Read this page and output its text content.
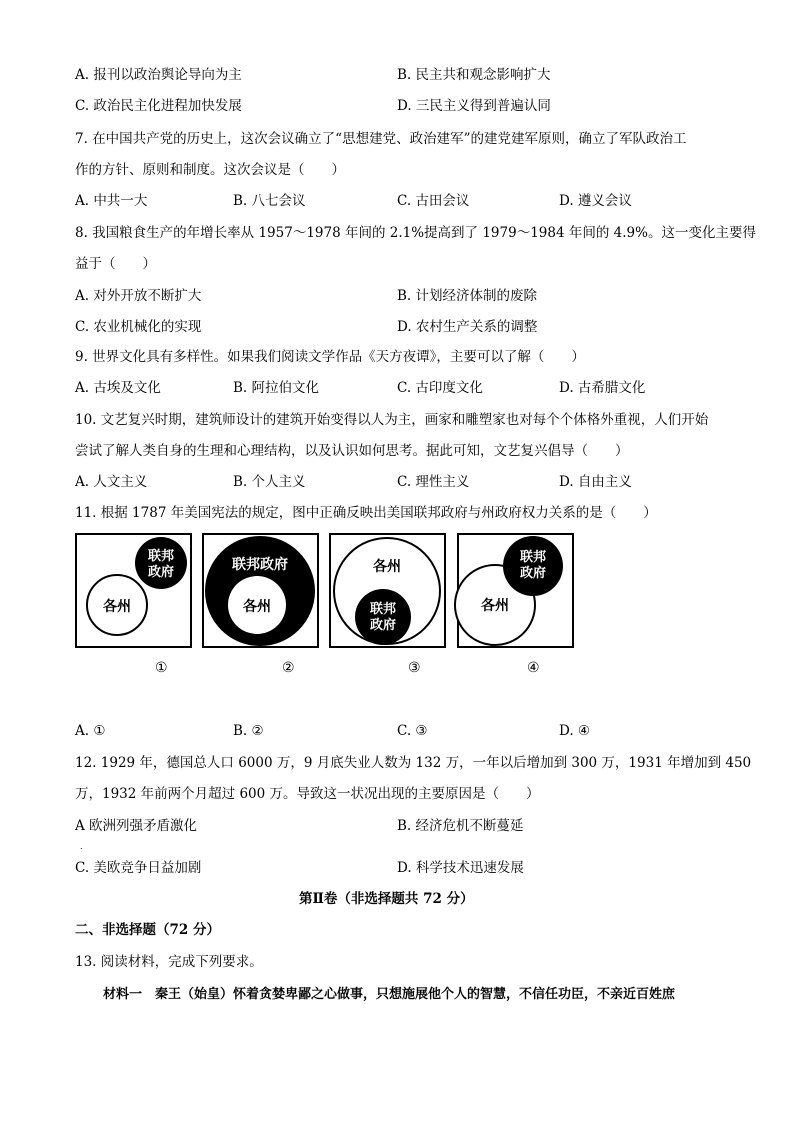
A. 报刊以政治舆论导向为主	B. 民主共和观念影响扩大
C. 政治民主化进程加快发展	D. 三民主义得到普遍认同
7. 在中国共产党的历史上，这次会议确立了“思想建党、政治建军”的建党建军原则，确立了军队政治工
作的方针、原则和制度。这次会议是（　　）
A. 中共一大	B. 八七会议	C. 古田会议	D. 遵义会议
8. 我国粮食生产的年增长率从 1957～1978 年间的 2.1%提高到了 1979～1984 年间的 4.9%。这一变化主要得
益于（　　）
A. 对外开放不断扩大	B. 计划经济体制的废除
C. 农业机械化的实现	D. 农村生产关系的调整
9. 世界文化具有多样性。如果我们阅读文学作品《天方夜谭》，主要可以了解（　　）
A. 古埃及文化	B. 阿拉伯文化	C. 古印度文化	D. 古希腊文化
10. 文艺复兴时期，建筑师设计的建筑开始变得以人为主，画家和雕塑家也对每个个体格外重视，人们开始
尝试了解人类自身的生理和心理结构，以及认识如何思考。据此可知，文艺复兴倡导（　　）
A. 人文主义	B. 个人主义	C. 理性主义	D. 自由主义
11. 根据 1787 年美国宪法的规定，图中正确反映出美国联邦政府与州政府权力关系的是（　　）
联邦
政府
各州
联邦政府
各州
各州
联邦
政府
联邦
政府
各州
①	②	③	④
A. ①	B. ②	C. ③	D. ④
12. 1929 年，德国总人口 6000 万，9 月底失业人数为 132 万，一年以后增加到 300 万，1931 年增加到 450
万，1932 年前两个月超过 600 万。导致这一状况出现的主要原因是（　　）
A 欧洲列强矛盾激化	B. 经济危机不断蔓延
.
C. 美欧竞争日益加剧	D. 科学技术迅速发展
第Ⅱ卷（非选择题共 72 分）
二、非选择题（72 分）
13. 阅读材料，完成下列要求。
材料一　秦王（始皇）怀着贪婪卑鄙之心做事，只想施展他个人的智慧，不信任功臣，不亲近百姓庶
